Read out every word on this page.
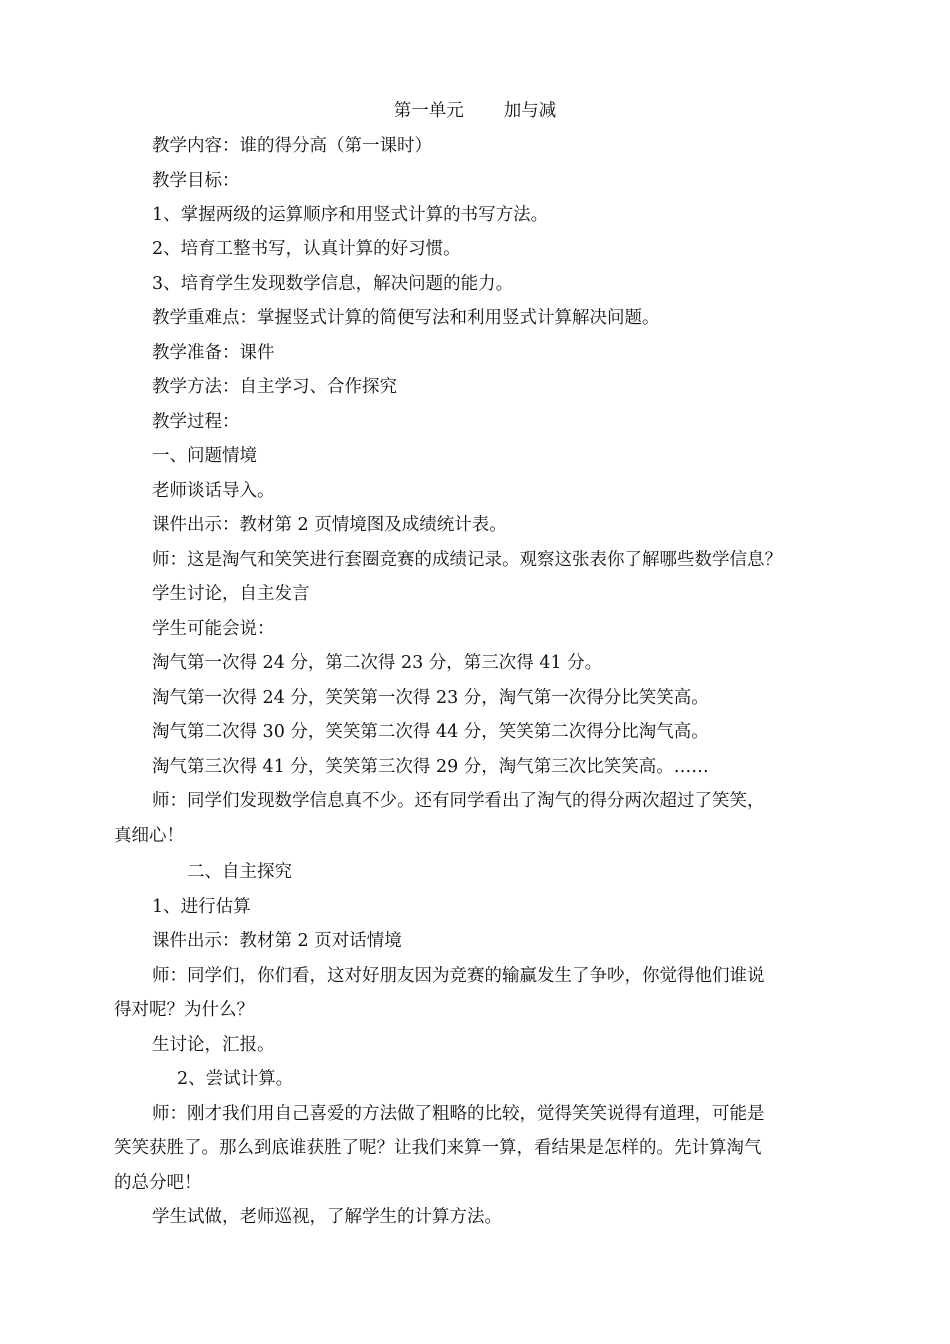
第一单元 加与减
教学内容：谁的得分高（第一课时）
教学目标：
1、掌握两级的运算顺序和用竖式计算的书写方法。
2、培育工整书写，认真计算的好习惯。
3、培育学生发现数学信息，解决问题的能力。
教学重难点：掌握竖式计算的简便写法和利用竖式计算解决问题。
教学准备：课件
教学方法：自主学习、合作探究
教学过程：
一、问题情境
老师谈话导入。
课件出示：教材第 2 页情境图及成绩统计表。
师：这是淘气和笑笑进行套圈竞赛的成绩记录。观察这张表你了解哪些数学信息？
学生讨论，自主发言
学生可能会说：
淘气第一次得 24 分，第二次得 23 分，第三次得 41 分。
淘气第一次得 24 分，笑笑第一次得 23 分，淘气第一次得分比笑笑高。
淘气第二次得 30 分，笑笑第二次得 44 分，笑笑第二次得分比淘气高。
淘气第三次得 41 分，笑笑第三次得 29 分，淘气第三次比笑笑高。……
师：同学们发现数学信息真不少。还有同学看出了淘气的得分两次超过了笑笑，
真细心！
二、自主探究
1、进行估算
课件出示：教材第 2 页对话情境
师：同学们，你们看，这对好朋友因为竞赛的输赢发生了争吵，你觉得他们谁说
得对呢？为什么？
生讨论，汇报。
2、尝试计算。
师：刚才我们用自己喜爱的方法做了粗略的比较，觉得笑笑说得有道理，可能是
笑笑获胜了。那么到底谁获胜了呢？让我们来算一算，看结果是怎样的。先计算淘气
的总分吧！
学生试做，老师巡视，了解学生的计算方法。
